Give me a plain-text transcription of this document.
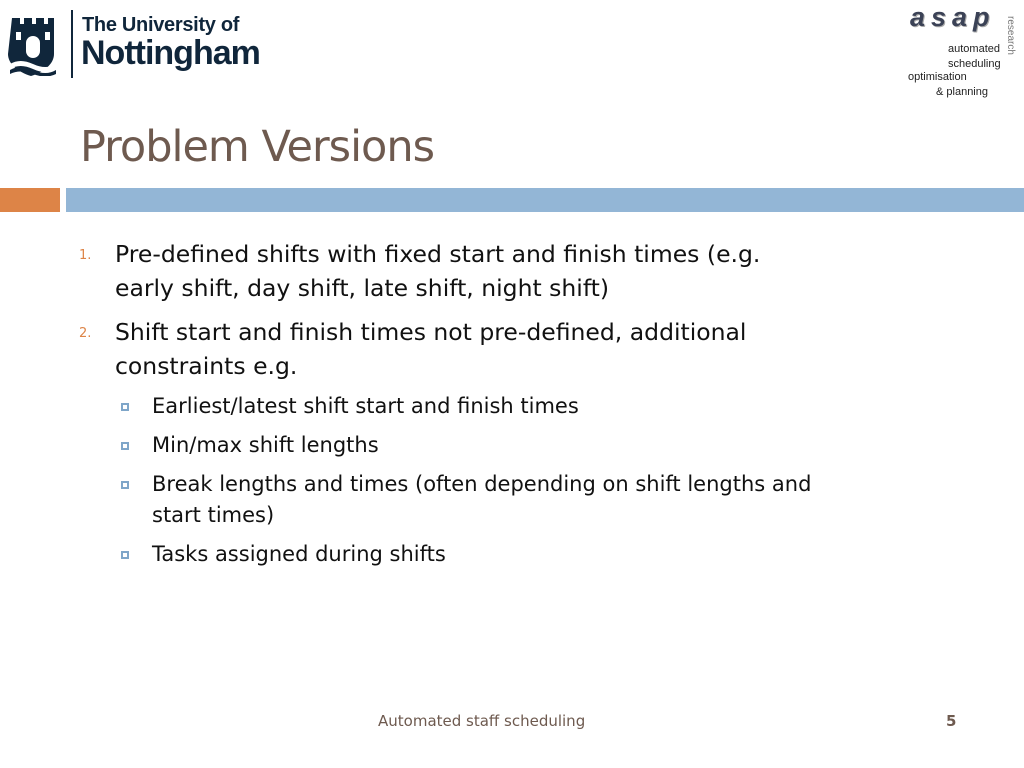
The University of
Nottingham
asap research
automated
scheduling
optimisation
& planning
Problem Versions
1. Pre-defined shifts with fixed start and finish times (e.g.
early shift, day shift, late shift, night shift)
2. Shift start and finish times not pre-defined, additional
constraints e.g.
Earliest/latest shift start and finish times
Min/max shift lengths
Break lengths and times (often depending on shift lengths and
start times)
Tasks assigned during shifts
Automated staff scheduling	5
